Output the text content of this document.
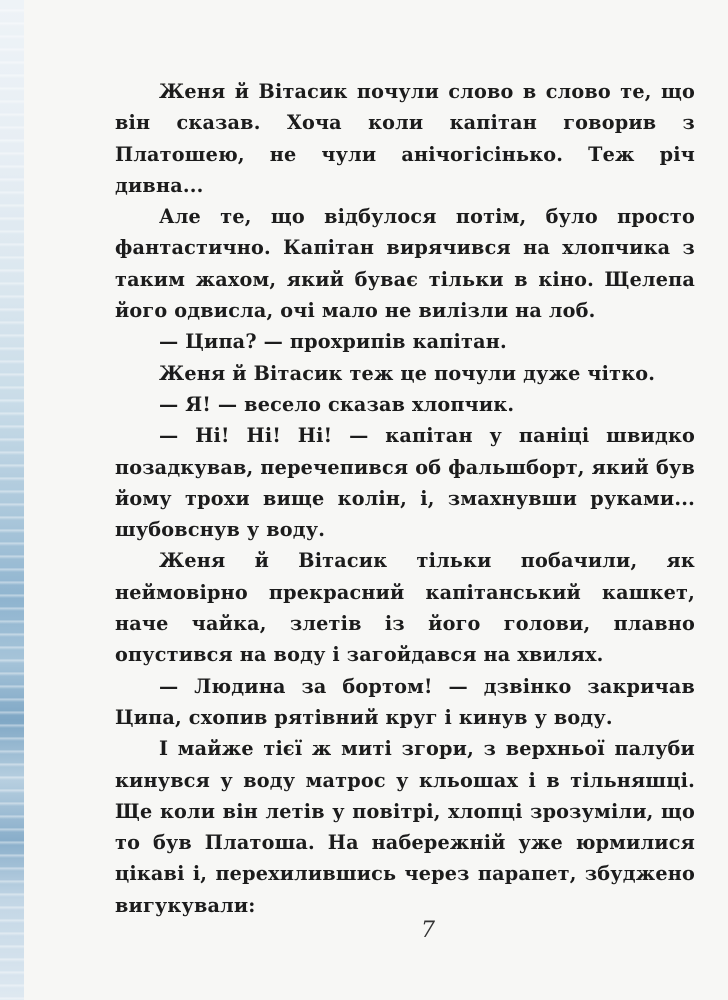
Женя й Вітасик почули слово в слово те, що він сказав. Хоча коли капітан говорив з Платошею, не чули анічогісінько. Теж річ дивна...

Але те, що відбулося потім, було просто фантастично. Капітан вирячився на хлопчика з таким жахом, який буває тільки в кіно. Щелепа його одвисла, очі мало не вилізли на лоб.

— Ципа? — прохрипів капітан.

Женя й Вітасик теж це почули дуже чітко.

— Я! — весело сказав хлопчик.

— Ні! Ні! Ні! — капітан у паніці швидко позадкував, перечепився об фальшборт, який був йому трохи вище колін, і, змахнувши руками... шубовснув у воду.

Женя й Вітасик тільки побачили, як неймовірно прекрасний капітанський кашкет, наче чайка, злетів із його голови, плавно опустився на воду і загойдався на хвилях.

— Людина за бортом! — дзвінко закричав Ципа, схопив рятівний круг і кинув у воду.

І майже тієї ж миті згори, з верхньої палуби кинувся у воду матрос у кльошах і в тільняшці. Ще коли він летів у повітрі, хлопці зрозуміли, що то був Платоша. На набережній уже юрмилися цікаві і, перехилившись через парапет, збуджено вигукували:

7
